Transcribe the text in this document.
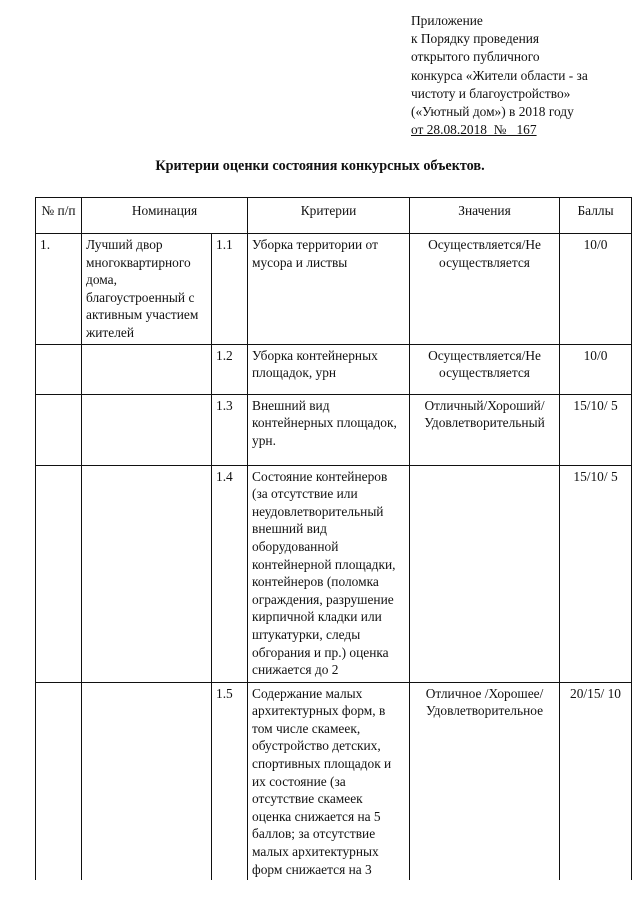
Приложение
к Порядку проведения
открытого публичного
конкурса «Жители области - за
чистоту и благоустройство»
(«Уютный дом») в 2018 году
от 28.08.2018  №   167
Критерии оценки состояния конкурсных объектов.
№ п/п	Номинация		Критерии	Значения	Баллы
1.	Лучший двор многоквартирного дома, благоустроенный с активным участием жителей	1.1	Уборка территории от мусора и листвы	Осуществляется/Не осуществляется	10/0
		1.2	Уборка контейнерных площадок, урн	Осуществляется/Не осуществляется	10/0
		1.3	Внешний вид контейнерных площадок, урн.	Отличный/Хороший/ Удовлетворительный	15/10/ 5
		1.4	Состояние контейнеров (за отсутствие или неудовлетворительный внешний вид оборудованной контейнерной площадки, контейнеров (поломка ограждения, разрушение кирпичной кладки или штукатурки, следы обгорания и пр.) оценка снижается до 2		15/10/ 5
		1.5	Содержание малых архитектурных форм, в том числе скамеек, обустройство детских, спортивных площадок и их состояние (за отсутствие скамеек оценка снижается на 5 баллов; за отсутствие малых архитектурных форм снижается на 3	Отличное /Хорошее/ Удовлетворительное	20/15/ 10
